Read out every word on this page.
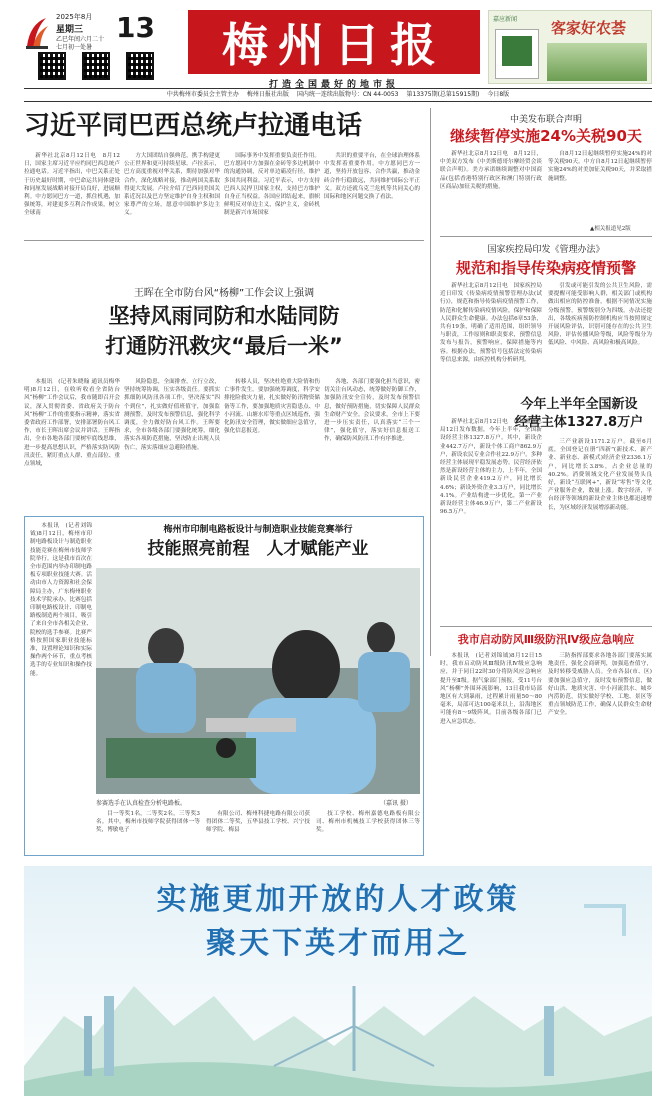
2025年8月
星期三 13
乙巳年闰六月二十
七月初一处暑	梅州日报
打造全国最好的地市报
嘉应新闻 客家好农荟
中共梅州市委员会主管主办 梅州日报社出版 国内统一连续出版物号：CN 44-0053 第13375期(总第15915期) 今日8版
习近平同巴西总统卢拉通电话

新华社北京8月12日电　8月12日，国家主席习近平应约同巴西总统卢拉通电话。习近平指出，中巴关系正处于历史最好时期，中巴命运共同体建设和同厘发展战略对接开局良好，进展顺利。中方愿同巴方一道，抓住机遇，加强统筹，对建更多互利合作成果，树立全球南

方大国团结自强典范，携手构建更公正世界和更可持续星球。卢拉表示，巴方高度重视对华关系，期待加强对华合作，深化战略对接，推动两国关系取得更大发展。卢拉介绍了巴西同美国关系近况以及巴方坚定维护自身主权和国家尊严的立场，愿意中国维护多边主义。

国际事务中发挥重要负责任作用。巴方愿同中方加强在金砖等多边机制中的沟通协调，反对单边霸凌行径，维护多国共同利益。习近平表示，中方支持巴西人民捍卫国家主权，支持巴方维护自身正当权益。各国应团结起来，旗帜鲜明反对单边主义，保护主义，金砖机制是新兴市场国家

共识的重要平台，在全球治理体系中发挥着重要作用。中方愿同巴方一道，坚持开放包容、合作共赢，推动金砖合作行稳致远，共同维护国际公平正义。双方还就乌克兰危机等共同关心的国际和地区问题交换了看法。

中美发布联合声明
继续暂停实施24%关税90天

新华社北京8月12日电　8月12日，中美双方发布《中美斯德哥尔摩经贸会谈联合声明》。美方承诺继续调整对中国商品(包括香港特别行政区和澳门特别行政区商品)加征关税的措施，

自8月12日起继续暂停实施24%的对等关税90天。中方自8月12日起继续暂停实施24%的对美加征关税90天，并采取措施调整。

▲相关报道见2版
国家疾控局印发《管理办法》
规范和指导传染病疫情预警

新华社北京8月12日电　国家疾控局近日印发《传染病疫情预警管理办法(试行)》，规范和指导传染病疫情预警工作，防范和化解传染病疫情风险，保护和保障人民群众生命健康。办法包括6章53条，共有19条，明确了适用范围，组织领导与职责，工作原则和职责要求，预警信息发布与报告，预警响应，保障措施等内容。根据办法，预警信号包括法定传染病等信息来源，由疾控机构分析研判。

引发或可能引发的公共卫生风险，需要提醒可能受影响人群，相关部门或机构做出相应的防控准备，根据不同情况实施分级预警，预警级别分为四级。办法还提出，各级疾病预防控制机构应当按照规定开展风险评估，识别可能存在的公共卫生风险，评估传播风险等级，风险等级分为低风险、中风险、高风险和极高风险。

今年上半年全国新设
经营主体1327.8万户

新华社北京8月12日电　市场监管总局12日发布数据，今年上半年，全国新设经营主体1327.8万户。其中，新设企业442.7万户，新设个体工商户862.9万户，新设农民专业合作社22.9万户。多种经营主体展现平稳发展态势。民营经济依然是新设经营主体的主力，上半年，全国新设民营企业419.2万户，同比增长4.6%；新设外资企业3.3万户，同比增长4.1%。产业结构进一步优化，第一产业新设经营主体46.9万户，第二产业新设96.5万户。

三产业新设1171.2万户。截至6月底，全国登记在册“四新”(新技术、新产业、新业态、新模式)经济企业2336.1万户，同比增长3.8%，占企业总量的40.2%。消费领域文化产业发展势头良好，新设“互联网+”，新设“零售”等文化产业服务企业，数量上涨。数字经济，平台经济等领域的新设企业主体也都迅速增长，为区域经济发展增添新动能。

我市启动防风Ⅲ级防汛Ⅳ级应急响应

本报讯　(记者刘锦钺)8月12日15时，我市启动防风Ⅲ级防汛Ⅳ级应急响应，并于同日22时30分将防风应急响应提升至Ⅱ级。据气象部门预报，受11号台风“杨柳”外围环流影响，13日我市局部地区有大到暴雨，过程累计雨量50～80毫米，局部可达100毫米以上，沿海地区可能有8～9级阵风。目前各级各部门已进入应急状态。

三防指挥部要求各地各部门要落实属地责任，强化会商研判，加强巡查值守，及时转移受威胁人员。全市各县(市、区)要加强应急值守，及时发布预警信息，做好山洪、地质灾害、中小河流洪水、城乡内涝防范，切实做好学校、工地、景区等重点领域防范工作，确保人民群众生命财产安全。

王晖在全市防台风“杨柳”工作会议上强调
坚持风雨同防和水陆同防
打通防汛救灾“最后一米”

本报讯　(记者朱晓翰 通讯员梅华明)8月12日，在收听收看全省防台风“杨柳”工作会议后，我市随即召开会议，深入贯彻省委、省政府关于防台风“杨柳”工作的重要指示精神，落实省委省政府工作部署，安排部署防台风工作，市长王晖出席会议并讲话。王晖指出，全市各地各部门要树牢底线思维，进一步提高思想认识，严格落实防风防汛责任，紧盯重点人群、重点部位、重点领域，

风险隐患，全面排查，立行立改，坚持统筹协调，压实各级责任。要抓实抓细防风防汛各项工作，坚决落实“四个到位”，扎实做好值班值守，加强监测预警，及时发布预警信息，强化科学调度，全力做好防台风工作。王晖要求，全市各级各部门要强化统筹，细化落实各项防范措施，坚决防止出现人员伤亡，落实落细应急避险措施。

转移人员，坚决杜绝重大险情和伤亡事件发生。要加强统筹调度，科学安排抢险救灾力量，扎实做好防汛物资储备等工作，要加强地质灾害隐患点、中小河流、山塘水库等重点区域巡查，强化防汛安全管理，做实做细应急值守，强化信息报送。

各地、各部门要强化担当意识，密切关注台风动态，统筹做好防御工作，加强防汛安全宣传，及时发布预警信息，做好预防措施，切实保障人民群众生命财产安全。会议要求，全市上下要进一步压实责任，认真落实“三个一律”，强化值守，落实好信息报送工作，确保防风防汛工作有序推进。

本报讯　(记者刘锦钺)8月12日，梅州市印制电路板设计与制造职业技能竞赛在梅州市技师学院举行。这是我市首次在全市范围内举办印制电路板专项职业技能大赛。活动由市人力资源和社会保障局主办，广东梅州职业技术学院承办。比赛包括印制电路板设计、印制电路板制造两个项目，吸引了来自全市各相关企业、院校的选手参赛。比赛严格按照国家职业技能标准，设置理论知识和实际操作两个环节，重点考核选手的专业知识和操作技能。

梅州市印制电路板设计与制造职业技能竞赛举行
技能照亮前程　人才赋能产业
参赛选手在认真检查分析电路板。	（嘉讯 摄）

目一等奖1名，二等奖2名，三等奖3名。其中，梅州市技师学院获得团体一等奖，博敏电子

有限公司、梅州科捷电路有限公司获得团体二等奖，五华县技工学校、兴宁技师学院、梅县

技工学校、梅州嘉德电路板有限公司、梅州市机械技工学校获得团体三等奖。

实施更加开放的人才政策
聚天下英才而用之
